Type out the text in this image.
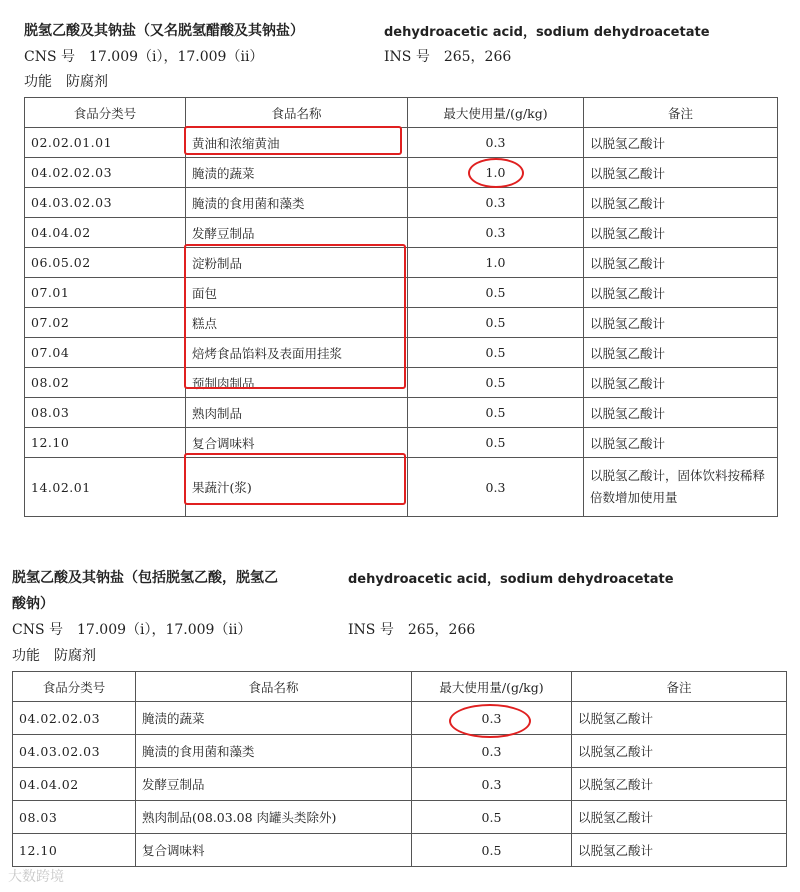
脱氢乙酸及其钠盐（又名脱氢醋酸及其钠盐）	dehydroacetic acid，sodium dehydroacetate
CNS 号 17.009（i），17.009（ii）	INS 号 265，266
功能 防腐剂
食品分类号	食品名称	最大使用量/(g/kg)	备注
02.02.01.01	黄油和浓缩黄油	0.3	以脱氢乙酸计
04.02.02.03	腌渍的蔬菜	1.0	以脱氢乙酸计
04.03.02.03	腌渍的食用菌和藻类	0.3	以脱氢乙酸计
04.04.02	发酵豆制品	0.3	以脱氢乙酸计
06.05.02	淀粉制品	1.0	以脱氢乙酸计
07.01	面包	0.5	以脱氢乙酸计
07.02	糕点	0.5	以脱氢乙酸计
07.04	焙烤食品馅料及表面用挂浆	0.5	以脱氢乙酸计
08.02	预制肉制品	0.5	以脱氢乙酸计
08.03	熟肉制品	0.5	以脱氢乙酸计
12.10	复合调味料	0.5	以脱氢乙酸计
14.02.01	果蔬汁(浆)	0.3	以脱氢乙酸计，固体饮料按稀释倍数增加使用量
脱氢乙酸及其钠盐（包括脱氢乙酸，脱氢乙	dehydroacetic acid，sodium dehydroacetate
酸钠）
CNS 号 17.009（i），17.009（ii）	INS 号 265，266
功能 防腐剂
食品分类号	食品名称	最大使用量/(g/kg)	备注
04.02.02.03	腌渍的蔬菜	0.3	以脱氢乙酸计
04.03.02.03	腌渍的食用菌和藻类	0.3	以脱氢乙酸计
04.04.02	发酵豆制品	0.3	以脱氢乙酸计
08.03	熟肉制品(08.03.08 肉罐头类除外)	0.5	以脱氢乙酸计
12.10	复合调味料	0.5	以脱氢乙酸计
大数跨境
